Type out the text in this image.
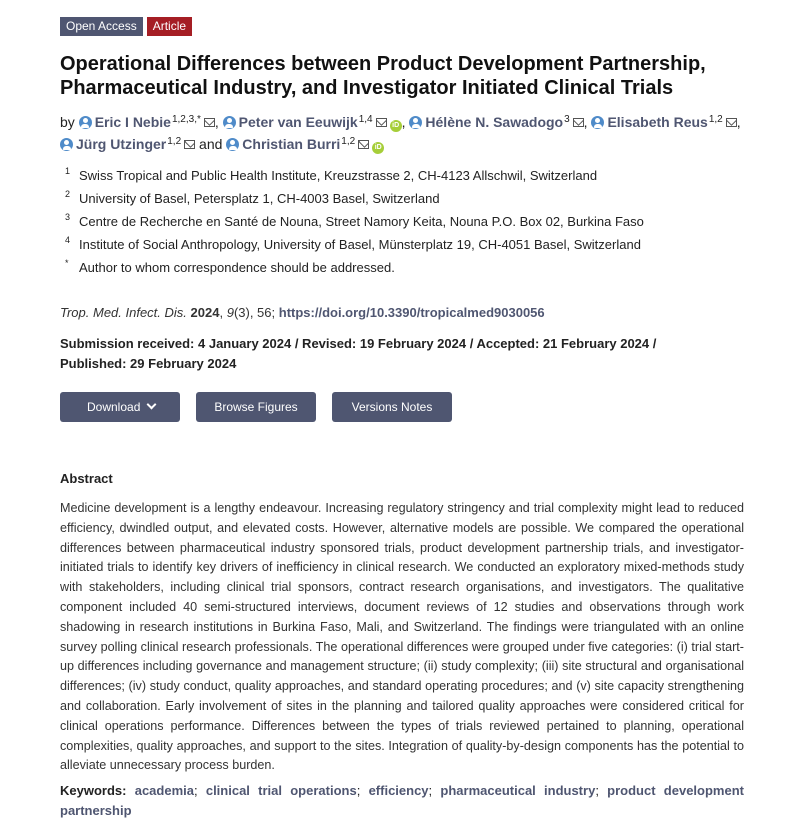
Open Access	Article
Operational Differences between Product Development Partnership, Pharmaceutical Industry, and Investigator Initiated Clinical Trials
by Eric I Nebie$^{1,2,3,*}$ , Peter van Eeuwijk$^{1,4}$iD , Hélène N. Sawadogo$^3$ , Elisabeth Reus$^{1,2}$ , Jürg Utzinger$^{1,2}$ and Christian Burri$^{1,2}$iD
1 Swiss Tropical and Public Health Institute, Kreuzstrasse 2, CH-4123 Allschwil, Switzerland
2 University of Basel, Petersplatz 1, CH-4003 Basel, Switzerland
3 Centre de Recherche en Santé de Nouna, Street Namory Keita, Nouna P.O. Box 02, Burkina Faso
4 Institute of Social Anthropology, University of Basel, Münsterplatz 19, CH-4051 Basel, Switzerland
* Author to whom correspondence should be addressed.
Trop. Med. Infect. Dis. 2024, 9(3), 56; https://doi.org/10.3390/tropicalmed9030056
Submission received: 4 January 2024 / Revised: 19 February 2024 / Accepted: 21 February 2024 / Published: 29 February 2024
Download	Browse Figures	Versions Notes
Abstract

Medicine development is a lengthy endeavour. Increasing regulatory stringency and trial complexity might lead to reduced efficiency, dwindled output, and elevated costs. However, alternative models are possible. We compared the operational differences between pharmaceutical industry sponsored trials, product development partnership trials, and investigator-initiated trials to identify key drivers of inefficiency in clinical research. We conducted an exploratory mixed-methods study with stakeholders, including clinical trial sponsors, contract research organisations, and investigators. The qualitative component included 40 semi-structured interviews, document reviews of 12 studies and observations through work shadowing in research institutions in Burkina Faso, Mali, and Switzerland. The findings were triangulated with an online survey polling clinical research professionals. The operational differences were grouped under five categories: (i) trial start-up differences including governance and management structure; (ii) study complexity; (iii) site structural and organisational differences; (iv) study conduct, quality approaches, and standard operating procedures; and (v) site capacity strengthening and collaboration. Early involvement of sites in the planning and tailored quality approaches were considered critical for clinical operations performance. Differences between the types of trials reviewed pertained to planning, operational complexities, quality approaches, and support to the sites. Integration of quality-by-design components has the potential to alleviate unnecessary process burden.

Keywords: academia; clinical trial operations; efficiency; pharmaceutical industry; product development partnership
